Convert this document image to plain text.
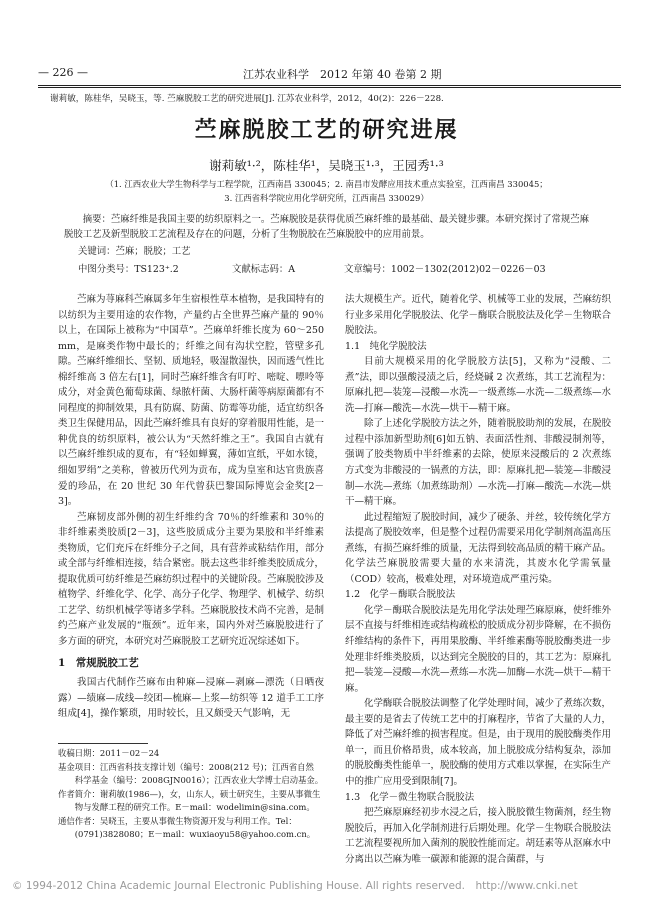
— 226 —	江苏农业科学　2012 年第 40 卷第 2 期
谢莉敏，陈桂华，吴晓玉，等. 苎麻脱胶工艺的研究进展[J]. 江苏农业科学，2012，40(2)：226－228.
苎麻脱胶工艺的研究进展
谢莉敏¹·²，陈桂华¹，吴晓玉¹·³，王园秀¹·³
（1. 江西农业大学生物科学与工程学院，江西南昌 330045；2. 南昌市发酵应用技术重点实验室，江西南昌 330045；
3. 江西省科学院应用化学研究所，江西南昌 330029）
摘要：苎麻纤维是我国主要的纺织原料之一。苎麻脱胶是获得优质苎麻纤维的最基础、最关键步骤。本研究探讨了常规苎麻脱胶工艺及新型脱胶工艺流程及存在的问题，分析了生物脱胶在苎麻脱胶中的应用前景。
关键词：苎麻；脱胶；工艺
中图分类号：TS123⁺.2	文献标志码：A	文章编号：1002－1302(2012)02－0226－03

苎麻为荨麻科苎麻属多年生宿根性草本植物，是我国特有的以纺织为主要用途的农作物，产量约占全世界苎麻产量的 90％以上，在国际上被称为“中国草”。苎麻单纤维长度为 60～250 mm，是麻类作物中最长的；纤维之间有沟状空腔，管壁多孔隙。苎麻纤维细长、坚韧、质地轻，吸湿散湿快，因而透气性比棉纤维高 3 倍左右[1]，同时苎麻纤维含有叮咛、嘧啶、嘌呤等成分，对金黄色葡萄球菌、绿脓杆菌、大肠杆菌等病原菌都有不同程度的抑制效果，具有防腐、防菌、防霉等功能，适宜纺织各类卫生保健用品，因此苎麻纤维具有良好的穿着服用性能，是一种优良的纺织原料，被公认为“天然纤维之王”。我国自古就有以苎麻纤维织成的夏布，有“轻如蝉翼，薄如宣纸，平如水镜，细如罗绢”之美称，曾被历代列为贡布，成为皇室和达官贵族喜爱的珍品，在 20 世纪 30 年代曾获巴黎国际博览会金奖[2－3]。

苎麻韧皮部外侧的初生纤维约含 70％的纤维素和 30％的非纤维素类胶质[2－3]，这些胶质成分主要为果胶和半纤维素类物质，它们充斥在纤维分子之间，具有营养或粘结作用，部分或全部与纤维相连接，结合紧密。脱去这些非纤维类胶质成分，提取优质可纺纤维是苎麻纺织过程中的关键阶段。苎麻脱胶涉及植物学、纤维化学、化学、高分子化学、物理学、机械学、纺织工艺学、纺织机械学等诸多学科。苎麻脱胶技术尚不完善，是制约苎麻产业发展的“瓶颈”。近年来，国内外对苎麻脱胶进行了多方面的研究，本研究对苎麻脱胶工艺研究近况综述如下。

1　常规脱胶工艺

我国古代制作苎麻布由种麻—浸麻—剥麻—漂洗（日晒夜露）—绩麻—成线—绞团—梳麻—上浆—纺织等 12 道手工工序组成[4]，操作繁琐，用时较长，且又颇受天气影响，无

收稿日期：2011－02－24
基金项目：江西省科技支撑计划（编号：2008(212 号)；江西省自然
　　科学基金（编号：2008GJN0016）；江西农业大学博士启动基金。
作者简介：谢莉敏(1986—)，女，山东人，硕士研究生，主要从事微生
　　物与发酵工程的研究工作。E－mail：wodelimin@sina.com。
通信作者：吴晓玉，主要从事微生物资源开发与利用工作。Tel：
　　(0791)3828080；E－mail：wuxiaoyu58@yahoo.com.cn。

法大规模生产。近代，随着化学、机械等工业的发展，苎麻纺织行业多采用化学脱胶法、化学－酶联合脱胶法及化学－生物联合脱胶法。

1.1　纯化学脱胶法

目前大规模采用的化学脱胶方法[5]，又称为“浸酸、二煮”法，即以强酸浸渍之后，经烧碱 2 次煮练，其工艺流程为：原麻扎把—装笼—浸酸—水洗—一级煮练—水洗—二级煮练—水洗—打麻—酸洗—水洗—烘干—精干麻。

除了上述化学脱胶方法之外，随着脱胶助剂的发展，在脱胶过程中添加新型助剂[6]如五钠、表面活性剂、非酸浸制剂等，强调了胶类物质中半纤维素的去除，使原来浸酸后的 2 次煮练方式变为非酸浸的一锅煮的方法，即：原麻扎把—装笼—非酸浸制—水洗—煮练（加煮练助剂）—水洗—打麻—酸洗—水洗—烘干—精干麻。

此过程缩短了脱胶时间，减少了硬条、并丝，较传统化学方法提高了脱胶效率，但是整个过程仍需要采用化学制剂高温高压煮练，有损苎麻纤维的质量，无法得到较高品质的精干麻产品。化学法苎麻脱胶需要大量的水来清洗，其废水化学需氧量（COD）较高，极难处理，对环境造成严重污染。

1.2　化学－酶联合脱胶法

化学－酶联合脱胶法是先用化学法处理苎麻原麻，使纤维外层不直接与纤维相连或结构疏松的胶质成分初步降解，在不损伤纤维结构的条件下，再用果胶酶、半纤维素酶等脱胶酶类进一步处理非纤维类胶质，以达到完全脱胶的目的，其工艺为：原麻扎把—装笼—浸酸—水洗—煮练—水洗—加酶—水洗—烘干—精干麻。

化学酶联合脱胶法调整了化学处理时间，减少了煮练次数，最主要的是省去了传统工艺中的打麻程序，节省了大量的人力，降低了对苎麻纤维的损害程度。但是，由于现用的脱胶酶类作用单一，而且价格昂贵，成本较高，加上脱胶成分结构复杂，添加的脱胶酶类性能单一，脱胶酶的使用方式难以掌握，在实际生产中的推广应用受到限制[7]。

1.3　化学－微生物联合脱胶法

把苎麻原麻经初步水浸之后，接入脱胶微生物菌剂，经生物脱胶后，再加入化学制剂进行后期处理。化学－生物联合脱胶法工艺流程要视所加入菌剂的脱胶性能而定。胡廷素等从沤麻水中分离出以苎麻为唯一碳源和能源的混合菌群，与

© 1994-2012 China Academic Journal Electronic Publishing House. All rights reserved.　http://www.cnki.net
